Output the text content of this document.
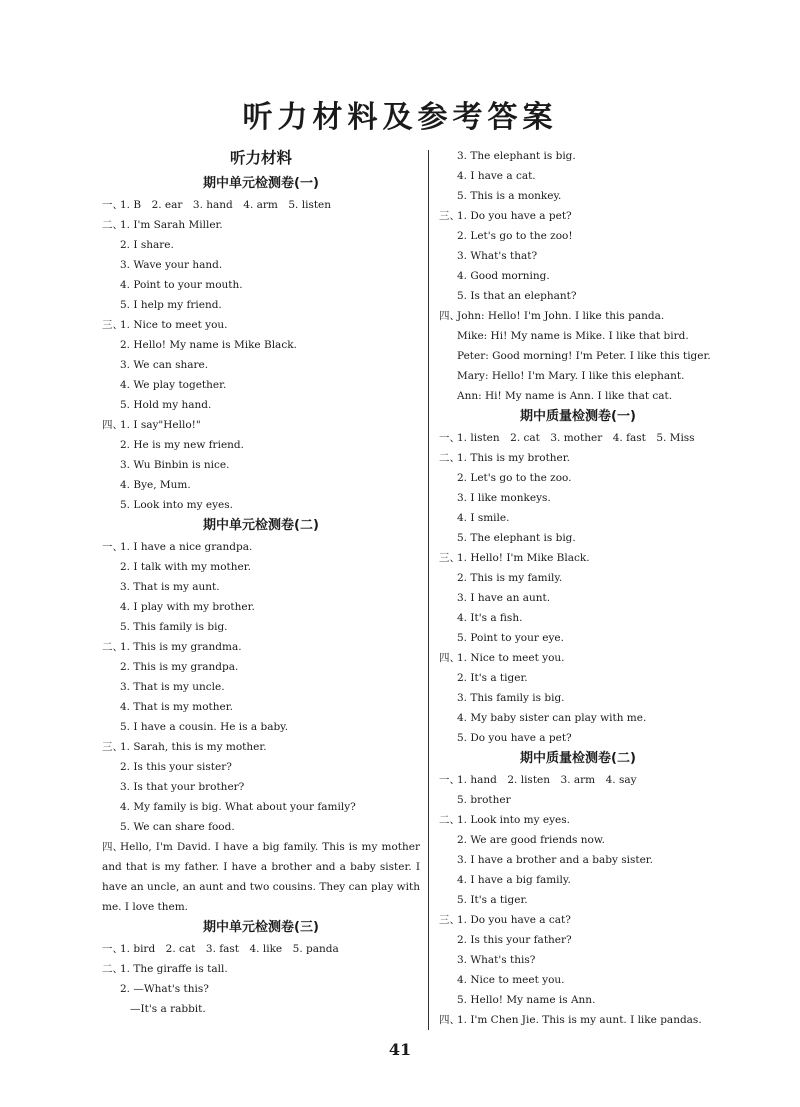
听力材料及参考答案
听力材料
期中单元检测卷(一)
一、1. B　2. ear　3. hand　4. arm　5. listen
二、1. I'm Sarah Miller.
2. I share.
3. Wave your hand.
4. Point to your mouth.
5. I help my friend.
三、1. Nice to meet you.
2. Hello! My name is Mike Black.
3. We can share.
4. We play together.
5. Hold my hand.
四、1. I say"Hello!"
2. He is my new friend.
3. Wu Binbin is nice.
4. Bye, Mum.
5. Look into my eyes.
期中单元检测卷(二)
一、1. I have a nice grandpa.
2. I talk with my mother.
3. That is my aunt.
4. I play with my brother.
5. This family is big.
二、1. This is my grandma.
2. This is my grandpa.
3. That is my uncle.
4. That is my mother.
5. I have a cousin. He is a baby.
三、1. Sarah, this is my mother.
2. Is this your sister?
3. Is that your brother?
4. My family is big. What about your family?
5. We can share food.
四、Hello, I'm David. I have a big family. This is my mother and that is my father. I have a brother and a baby sister. I have an uncle, an aunt and two cousins. They can play with me. I love them.
期中单元检测卷(三)
一、1. bird　2. cat　3. fast　4. like　5. panda
二、1. The giraffe is tall.
2. —What's this?
—It's a rabbit.
3. The elephant is big.
4. I have a cat.
5. This is a monkey.
三、1. Do you have a pet?
2. Let's go to the zoo!
3. What's that?
4. Good morning.
5. Is that an elephant?
四、John: Hello! I'm John. I like this panda.
Mike: Hi! My name is Mike. I like that bird.
Peter: Good morning! I'm Peter. I like this tiger.
Mary: Hello! I'm Mary. I like this elephant.
Ann: Hi! My name is Ann. I like that cat.
期中质量检测卷(一)
一、1. listen　2. cat　3. mother　4. fast　5. Miss
二、1. This is my brother.
2. Let's go to the zoo.
3. I like monkeys.
4. I smile.
5. The elephant is big.
三、1. Hello! I'm Mike Black.
2. This is my family.
3. I have an aunt.
4. It's a fish.
5. Point to your eye.
四、1. Nice to meet you.
2. It's a tiger.
3. This family is big.
4. My baby sister can play with me.
5. Do you have a pet?
期中质量检测卷(二)
一、1. hand　2. listen　3. arm　4. say
5. brother
二、1. Look into my eyes.
2. We are good friends now.
3. I have a brother and a baby sister.
4. I have a big family.
5. It's a tiger.
三、1. Do you have a cat?
2. Is this your father?
3. What's this?
4. Nice to meet you.
5. Hello! My name is Ann.
四、1. I'm Chen Jie. This is my aunt. I like pandas.
41
